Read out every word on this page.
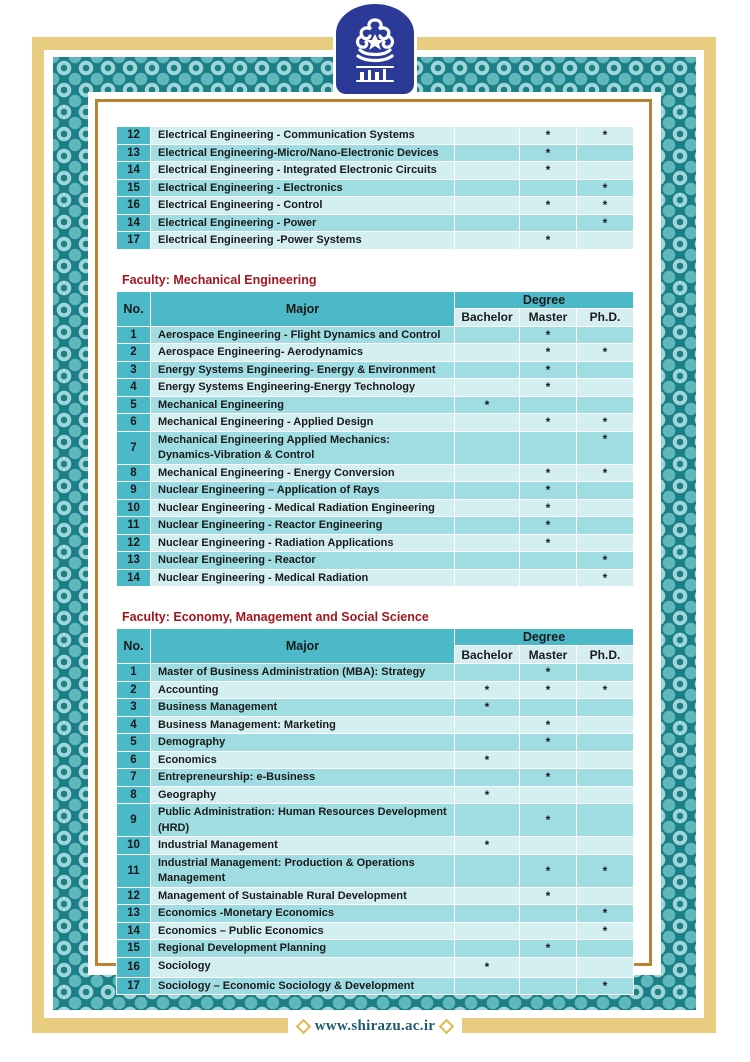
12	Electrical Engineering - Communication Systems		*	*
13	Electrical Engineering-Micro/Nano-Electronic Devices		*	
14	Electrical Engineering - Integrated Electronic Circuits		*	
15	Electrical Engineering - Electronics			*
16	Electrical Engineering - Control		*	*
14	Electrical Engineering - Power			*
17	Electrical Engineering -Power Systems		*	
Faculty: Mechanical Engineering
No.	Major	Degree		
		Bachelor	Master	Ph.D.
1	Aerospace Engineering - Flight Dynamics and Control		*	
2	Aerospace Engineering- Aerodynamics		*	*
3	Energy Systems Engineering- Energy & Environment		*	
4	Energy Systems Engineering-Energy Technology		*	
5	Mechanical Engineering	*		
6	Mechanical Engineering - Applied Design		*	*
7	Mechanical Engineering Applied Mechanics: Dynamics-Vibration & Control			*
8	Mechanical Engineering - Energy Conversion		*	*
9	Nuclear Engineering – Application of Rays		*	
10	Nuclear Engineering - Medical Radiation Engineering		*	
11	Nuclear Engineering - Reactor Engineering		*	
12	Nuclear Engineering - Radiation Applications		*	
13	Nuclear Engineering - Reactor			*
14	Nuclear Engineering - Medical Radiation			*
Faculty: Economy, Management and Social Science
No.	Major	Degree		
		Bachelor	Master	Ph.D.
1	Master of Business Administration (MBA): Strategy		*	
2	Accounting	*	*	*
3	Business Management	*		
4	Business Management: Marketing		*	
5	Demography		*	
6	Economics	*		
7	Entrepreneurship: e-Business		*	
8	Geography	*		
9	Public Administration: Human Resources Development (HRD)		*	
10	Industrial Management	*		
11	Industrial Management: Production & Operations Management		*	*
12	Management of Sustainable Rural Development		*	
13	Economics -Monetary Economics			*
14	Economics – Public Economics			*
15	Regional Development Planning		*	
16	Sociology	*		
17	Sociology – Economic Sociology & Development			*
www.shirazu.ac.ir
